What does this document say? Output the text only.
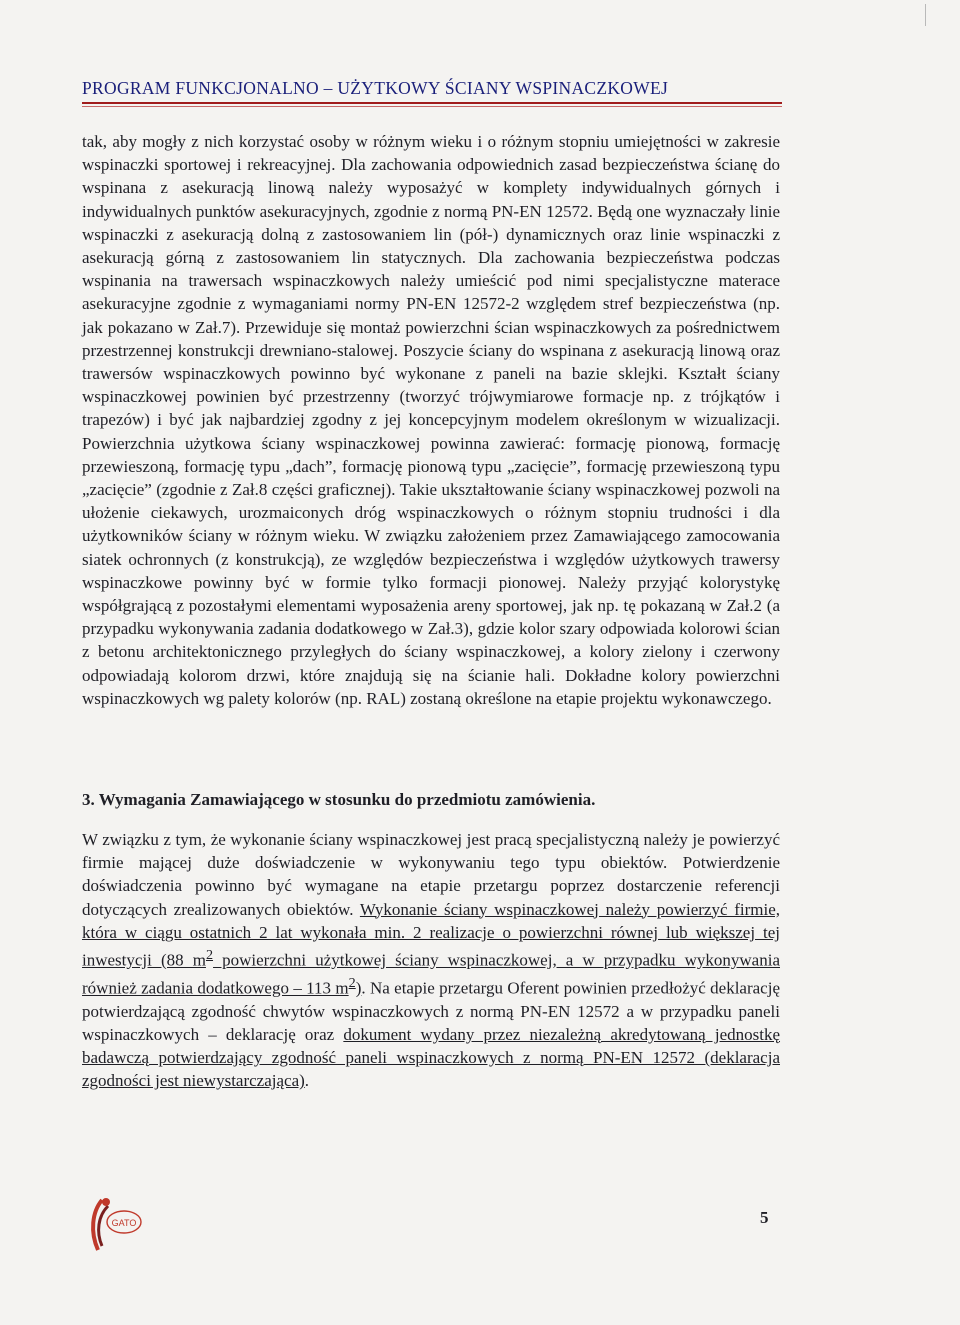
PROGRAM FUNKCJONALNO – UŻYTKOWY ŚCIANY WSPINACZKOWEJ

tak, aby mogły z nich korzystać osoby w różnym wieku i o różnym stopniu umiejętności w zakresie wspinaczki sportowej i rekreacyjnej. Dla zachowania odpowiednich zasad bezpieczeństwa ścianę do wspinana z asekuracją linową należy wyposażyć w komplety indywidualnych górnych i indywidualnych punktów asekuracyjnych, zgodnie z normą PN-EN 12572. Będą one wyznaczały linie wspinaczki z asekuracją dolną z zastosowaniem lin (pół-) dynamicznych oraz linie wspinaczki z asekuracją górną z zastosowaniem lin statycznych. Dla zachowania bezpieczeństwa podczas wspinania na trawersach wspinaczkowych należy umieścić pod nimi specjalistyczne materace asekuracyjne zgodnie z wymaganiami normy PN-EN 12572-2 względem stref bezpieczeństwa (np. jak pokazano w Zał.7). Przewiduje się montaż powierzchni ścian wspinaczkowych za pośrednictwem przestrzennej konstrukcji drewniano-stalowej. Poszycie ściany do wspinana z asekuracją linową oraz trawersów wspinaczkowych powinno być wykonane z paneli na bazie sklejki. Kształt ściany wspinaczkowej powinien być przestrzenny (tworzyć trójwymiarowe formacje np. z trójkątów i trapezów) i być jak najbardziej zgodny z jej koncepcyjnym modelem określonym w wizualizacji. Powierzchnia użytkowa ściany wspinaczkowej powinna zawierać: formację pionową, formację przewieszoną, formację typu „dach”, formację pionową typu „zacięcie”, formację przewieszoną typu „zacięcie” (zgodnie z Zał.8 części graficznej). Takie ukształtowanie ściany wspinaczkowej pozwoli na ułożenie ciekawych, urozmaiconych dróg wspinaczkowych o różnym stopniu trudności i dla użytkowników ściany w różnym wieku. W związku założeniem przez Zamawiającego zamocowania siatek ochronnych (z konstrukcją), ze względów bezpieczeństwa i względów użytkowych trawersy wspinaczkowe powinny być w formie tylko formacji pionowej. Należy przyjąć kolorystykę współgrającą z pozostałymi elementami wyposażenia areny sportowej, jak np. tę pokazaną w Zał.2 (a przypadku wykonywania zadania dodatkowego w Zał.3), gdzie kolor szary odpowiada kolorowi ścian z betonu architektonicznego przyległych do ściany wspinaczkowej, a kolory zielony i czerwony odpowiadają kolorom drzwi, które znajdują się na ścianie hali. Dokładne kolory powierzchni wspinaczkowych wg palety kolorów (np. RAL) zostaną określone na etapie projektu wykonawczego.

3. Wymagania Zamawiającego w stosunku do przedmiotu zamówienia.

W związku z tym, że wykonanie ściany wspinaczkowej jest pracą specjalistyczną należy je powierzyć firmie mającej duże doświadczenie w wykonywaniu tego typu obiektów. Potwierdzenie doświadczenia powinno być wymagane na etapie przetargu poprzez dostarczenie referencji dotyczących zrealizowanych obiektów. Wykonanie ściany wspinaczkowej należy powierzyć firmie, która w ciągu ostatnich 2 lat wykonała min. 2 realizacje o powierzchni równej lub większej tej inwestycji (88 $m^2$ powierzchni użytkowej ściany wspinaczkowej, a w przypadku wykonywania również zadania dodatkowego – 113 $m^2$). Na etapie przetargu Oferent powinien przedłożyć deklarację potwierdzającą zgodność chwytów wspinaczkowych z normą PN-EN 12572 a w przypadku paneli wspinaczkowych – deklarację oraz dokument wydany przez niezależną akredytowaną jednostkę badawczą potwierdzający zgodność paneli wspinaczkowych z normą PN-EN 12572 (deklaracja zgodności jest niewystarczająca).

GATO	5
